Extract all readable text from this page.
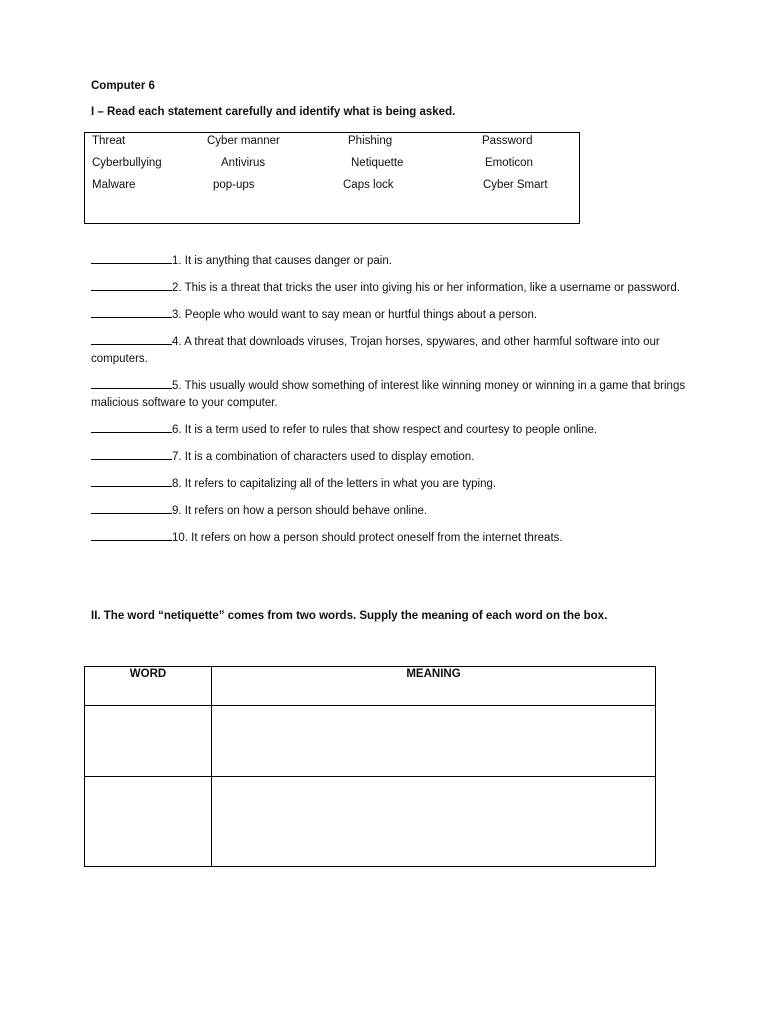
Computer 6
I – Read each statement carefully and identify what is being asked.
Threat	Cyber manner	Phishing	Password
Cyberbullying	Antivirus	Netiquette	Emoticon
Malware	pop-ups	Caps lock	Cyber Smart

1. It is anything that causes danger or pain.

2. This is a threat that tricks the user into giving his or her information, like a username or password.

3. People who would want to say mean or hurtful things about a person.

4. A threat that downloads viruses, Trojan horses, spywares, and other harmful software into our computers.

5. This usually would show something of interest like winning money or winning in a game that brings malicious software to your computer.

6. It is a term used to refer to rules that show respect and courtesy to people online.

7. It is a combination of characters used to display emotion.

8. It refers to capitalizing all of the letters in what you are typing.

9. It refers on how a person should behave online.

10. It refers on how a person should protect oneself from the internet threats.

II. The word “netiquette” comes from two words. Supply the meaning of each word on the box.
WORD	MEANING
